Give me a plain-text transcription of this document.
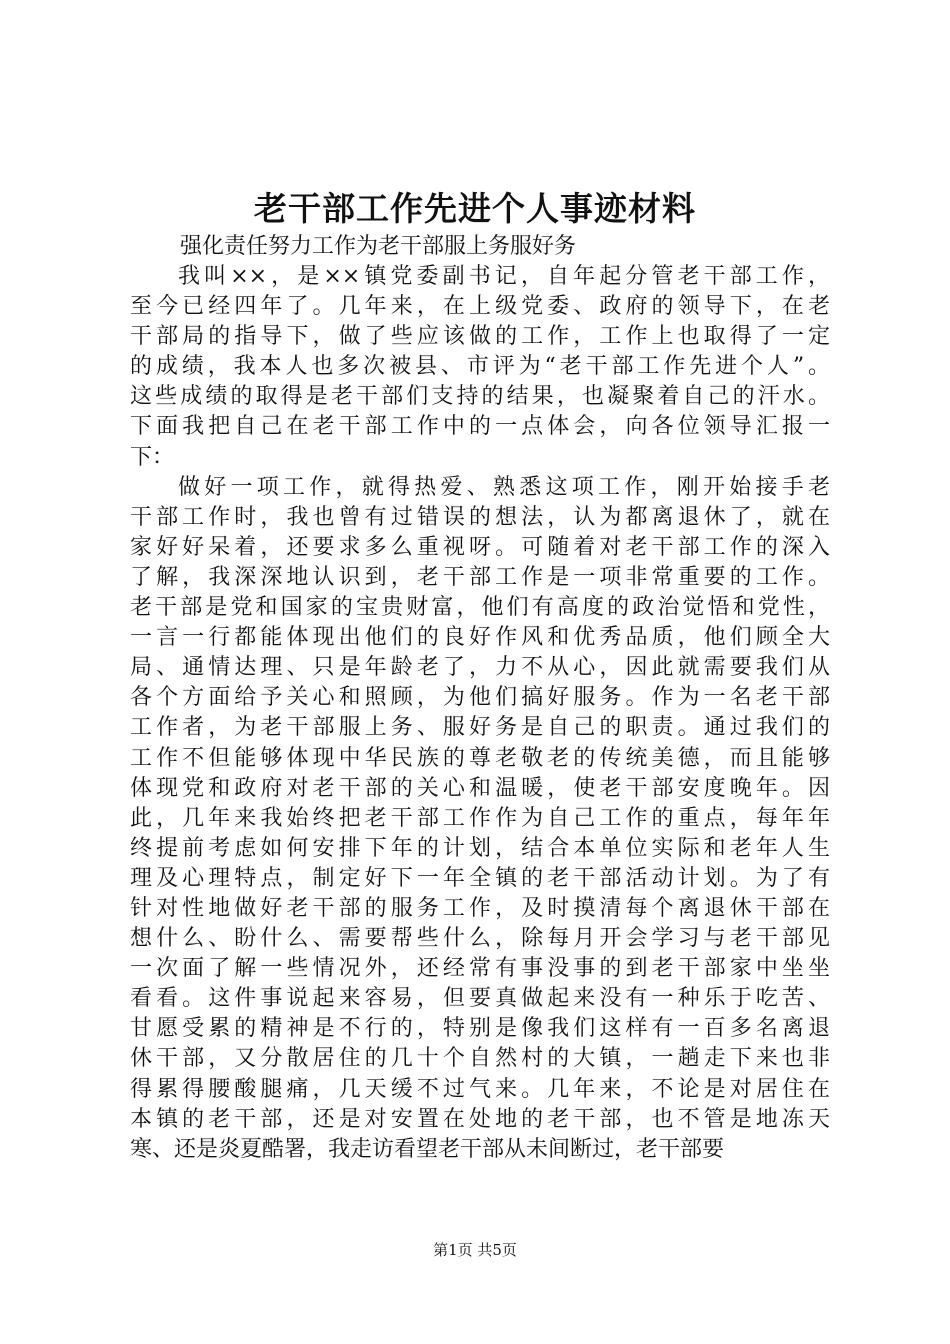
老干部工作先进个人事迹材料
强化责任努力工作为老干部服上务服好务
我叫××，是××镇党委副书记，自年起分管老干部工作，
至今已经四年了。几年来，在上级党委、政府的领导下，在老
干部局的指导下，做了些应该做的工作，工作上也取得了一定
的成绩，我本人也多次被县、市评为“老干部工作先进个人”。
这些成绩的取得是老干部们支持的结果，也凝聚着自己的汗水。
下面我把自己在老干部工作中的一点体会，向各位领导汇报一
下：
做好一项工作，就得热爱、熟悉这项工作，刚开始接手老
干部工作时，我也曾有过错误的想法，认为都离退休了，就在
家好好呆着，还要求多么重视呀。可随着对老干部工作的深入
了解，我深深地认识到，老干部工作是一项非常重要的工作。
老干部是党和国家的宝贵财富，他们有高度的政治觉悟和党性，
一言一行都能体现出他们的良好作风和优秀品质，他们顾全大
局、通情达理、只是年龄老了，力不从心，因此就需要我们从
各个方面给予关心和照顾，为他们搞好服务。作为一名老干部
工作者，为老干部服上务、服好务是自己的职责。通过我们的
工作不但能够体现中华民族的尊老敬老的传统美德，而且能够
体现党和政府对老干部的关心和温暖，使老干部安度晚年。因
此，几年来我始终把老干部工作作为自己工作的重点，每年年
终提前考虑如何安排下年的计划，结合本单位实际和老年人生
理及心理特点，制定好下一年全镇的老干部活动计划。为了有
针对性地做好老干部的服务工作，及时摸清每个离退休干部在
想什么、盼什么、需要帮些什么，除每月开会学习与老干部见
一次面了解一些情况外，还经常有事没事的到老干部家中坐坐
看看。这件事说起来容易，但要真做起来没有一种乐于吃苦、
甘愿受累的精神是不行的，特别是像我们这样有一百多名离退
休干部，又分散居住的几十个自然村的大镇，一趟走下来也非
得累得腰酸腿痛，几天缓不过气来。几年来，不论是对居住在
本镇的老干部，还是对安置在处地的老干部，也不管是地冻天
寒、还是炎夏酷署，我走访看望老干部从未间断过，老干部要
第1页 共5页
